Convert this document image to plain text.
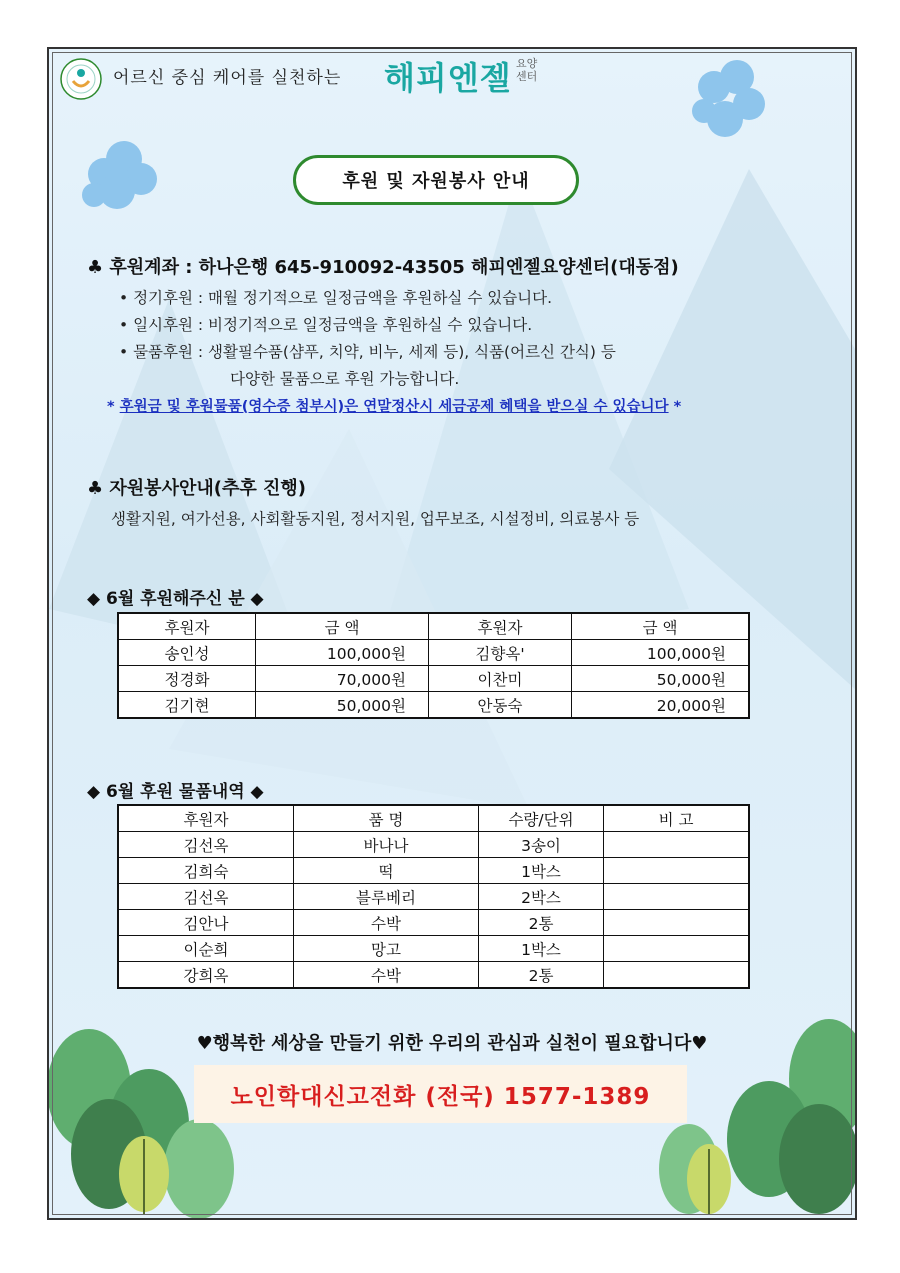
어르신 중심 케어를 실천하는 해피엔젤 요양
센터
후원 및 자원봉사 안내
♣ 후원계좌 : 하나은행 645-910092-43505 해피엔젤요양센터(대동점)
• 정기후원 : 매월 정기적으로 일정금액을 후원하실 수 있습니다.
• 일시후원 : 비정기적으로 일정금액을 후원하실 수 있습니다.
• 물품후원 : 생활필수품(샴푸, 치약, 비누, 세제 등), 식품(어르신 간식) 등
다양한 물품으로 후원 가능합니다.
* 후원금 및 후원물품(영수증 첨부시)은 연말정산시 세금공제 혜택을 받으실 수 있습니다 *
♣ 자원봉사안내(추후 진행)
생활지원, 여가선용, 사회활동지원, 정서지원, 업무보조, 시설정비, 의료봉사 등
◆ 6월 후원해주신 분 ◆
후원자	금 액	후원자	금 액
송인성	100,000원	김향옥'	100,000원
정경화	70,000원	이찬미	50,000원
김기현	50,000원	안동숙	20,000원
◆ 6월 후원 물품내역 ◆
후원자	품 명	수량/단위	비 고
김선옥	바나나	3송이	
김희숙	떡	1박스	
김선옥	블루베리	2박스	
김안나	수박	2통	
이순희	망고	1박스	
강희옥	수박	2통	
♥행복한 세상을 만들기 위한 우리의 관심과 실천이 필요합니다♥
노인학대신고전화 (전국) 1577-1389
